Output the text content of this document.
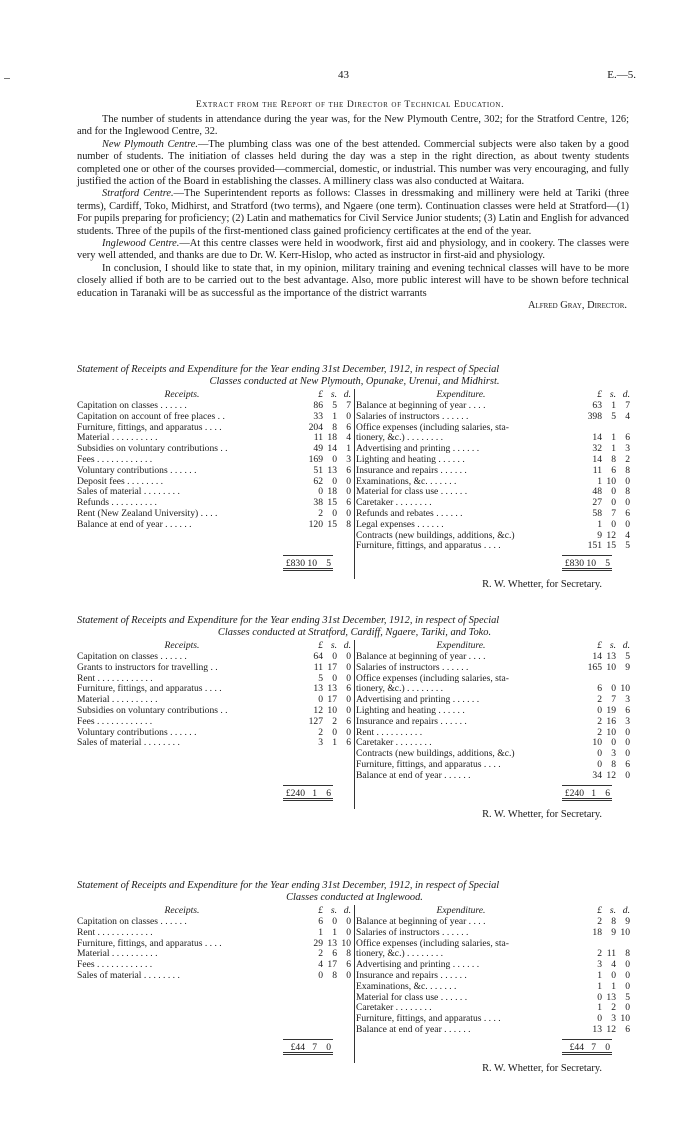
43	E.—5.
Extract from the Report of the Director of Technical Education.

The number of students in attendance during the year was, for the New Plymouth Centre, 302; for the Stratford Centre, 126; and for the Inglewood Centre, 32.

New Plymouth Centre.—The plumbing class was one of the best attended. Commercial subjects were also taken by a good number of students. The initiation of classes held during the day was a step in the right direction, as about twenty students completed one or other of the courses provided—commercial, domestic, or industrial. This number was very encouraging, and fully justified the action of the Board in establishing the classes. A millinery class was also conducted at Waitara.

Stratford Centre.—The Superintendent reports as follows: Classes in dressmaking and millinery were held at Tariki (three terms), Cardiff, Toko, Midhirst, and Stratford (two terms), and Ngaere (one term). Continuation classes were held at Stratford—(1) For pupils preparing for proficiency; (2) Latin and mathematics for Civil Service Junior students; (3) Latin and English for advanced students. Three of the pupils of the first-mentioned class gained proficiency certificates at the end of the year.

Inglewood Centre.—At this centre classes were held in woodwork, first aid and physiology, and in cookery. The classes were very well attended, and thanks are due to Dr. W. Kerr-Hislop, who acted as instructor in first-aid and physiology.

In conclusion, I should like to state that, in my opinion, military training and evening technical classes will have to be more closely allied if both are to be carried out to the best advantage. Also, more public interest will have to be shown before technical education in Taranaki will be as successful as the importance of the district warrants

Alfred Gray, Director.
Statement of Receipts and Expenditure for the Year ending 31st December, 1912, in respect of Special
Classes conducted at New Plymouth, Opunake, Urenui, and Midhirst.
Receipts.	£ s. d.
Capitation on classes . . . . . .	86 5 7
Capitation on account of free places . .	33 1 0
Furniture, fittings, and apparatus . . . .	204 8 6
Material . . . . . . . . . .	11 18 4
Subsidies on voluntary contributions . .	49 14 1
Fees . . . . . . . . . . . .	169 0 3
Voluntary contributions . . . . . .	51 13 6
Deposit fees . . . . . . . .	62 0 0
Sales of material . . . . . . . .	0 18 0
Refunds . . . . . . . . . .	38 15 6
Rent (New Zealand University) . . . .	2 0 0
Balance at end of year . . . . . .	120 15 8
Expenditure.	£ s. d.
Balance at beginning of year . . . .	63 1 7
Salaries of instructors . . . . . .	398 5 4
Office expenses (including salaries, sta-
tionery, &c.) . . . . . . . .	14 1 6
Advertising and printing . . . . . .	32 1 3
Lighting and heating . . . . . .	14 8 2
Insurance and repairs . . . . . .	11 6 8
Examinations, &c. . . . . . .	1 10 0
Material for class use . . . . . .	48 0 8
Caretaker . . . . . . . .	27 0 0
Refunds and rebates . . . . . .	58 7 6
Legal expenses . . . . . .	1 0 0
Contracts (new buildings, additions, &c.)	9 12 4
Furniture, fittings, and apparatus . . . .	151 15 5
£830 10 5	£830 10 5
R. W. Whetter, for Secretary.
Statement of Receipts and Expenditure for the Year ending 31st December, 1912, in respect of Special
Classes conducted at Stratford, Cardiff, Ngaere, Tariki, and Toko.
Receipts.	£ s. d.
Capitation on classes . . . . . .	64 0 0
Grants to instructors for travelling . .	11 17 0
Rent . . . . . . . . . . . .	5 0 0
Furniture, fittings, and apparatus . . . .	13 13 6
Material . . . . . . . . . .	0 17 0
Subsidies on voluntary contributions . .	12 10 0
Fees . . . . . . . . . . . .	127 2 6
Voluntary contributions . . . . . .	2 0 0
Sales of material . . . . . . . .	3 1 6
Expenditure.	£ s. d.
Balance at beginning of year . . . .	14 13 5
Salaries of instructors . . . . . .	165 10 9
Office expenses (including salaries, sta-
tionery, &c.) . . . . . . . .	6 0 10
Advertising and printing . . . . . .	2 7 3
Lighting and heating . . . . . .	0 19 6
Insurance and repairs . . . . . .	2 16 3
Rent . . . . . . . . . .	2 10 0
Caretaker . . . . . . . .	10 0 0
Contracts (new buildings, additions, &c.)	0 3 0
Furniture, fittings, and apparatus . . . .	0 8 6
Balance at end of year . . . . . .	34 12 0
£240 1 6	£240 1 6
R. W. Whetter, for Secretary.
Statement of Receipts and Expenditure for the Year ending 31st December, 1912, in respect of Special
Classes conducted at Inglewood.
Receipts.	£ s. d.
Capitation on classes . . . . . .	6 0 0
Rent . . . . . . . . . . . .	1 1 0
Furniture, fittings, and apparatus . . . .	29 13 10
Material . . . . . . . . . .	2 6 8
Fees . . . . . . . . . . . .	4 17 6
Sales of material . . . . . . . .	0 8 0
Expenditure.	£ s. d.
Balance at beginning of year . . . .	2 8 9
Salaries of instructors . . . . . .	18 9 10
Office expenses (including salaries, sta-
tionery, &c.) . . . . . . . .	2 11 8
Advertising and printing . . . . . .	3 4 0
Insurance and repairs . . . . . .	1 0 0
Examinations, &c. . . . . . .	1 1 0
Material for class use . . . . . .	0 13 5
Caretaker . . . . . . . .	1 2 0
Furniture, fittings, and apparatus . . . .	0 3 10
Balance at end of year . . . . . .	13 12 6
£44 7 0	£44 7 0
R. W. Whetter, for Secretary.
